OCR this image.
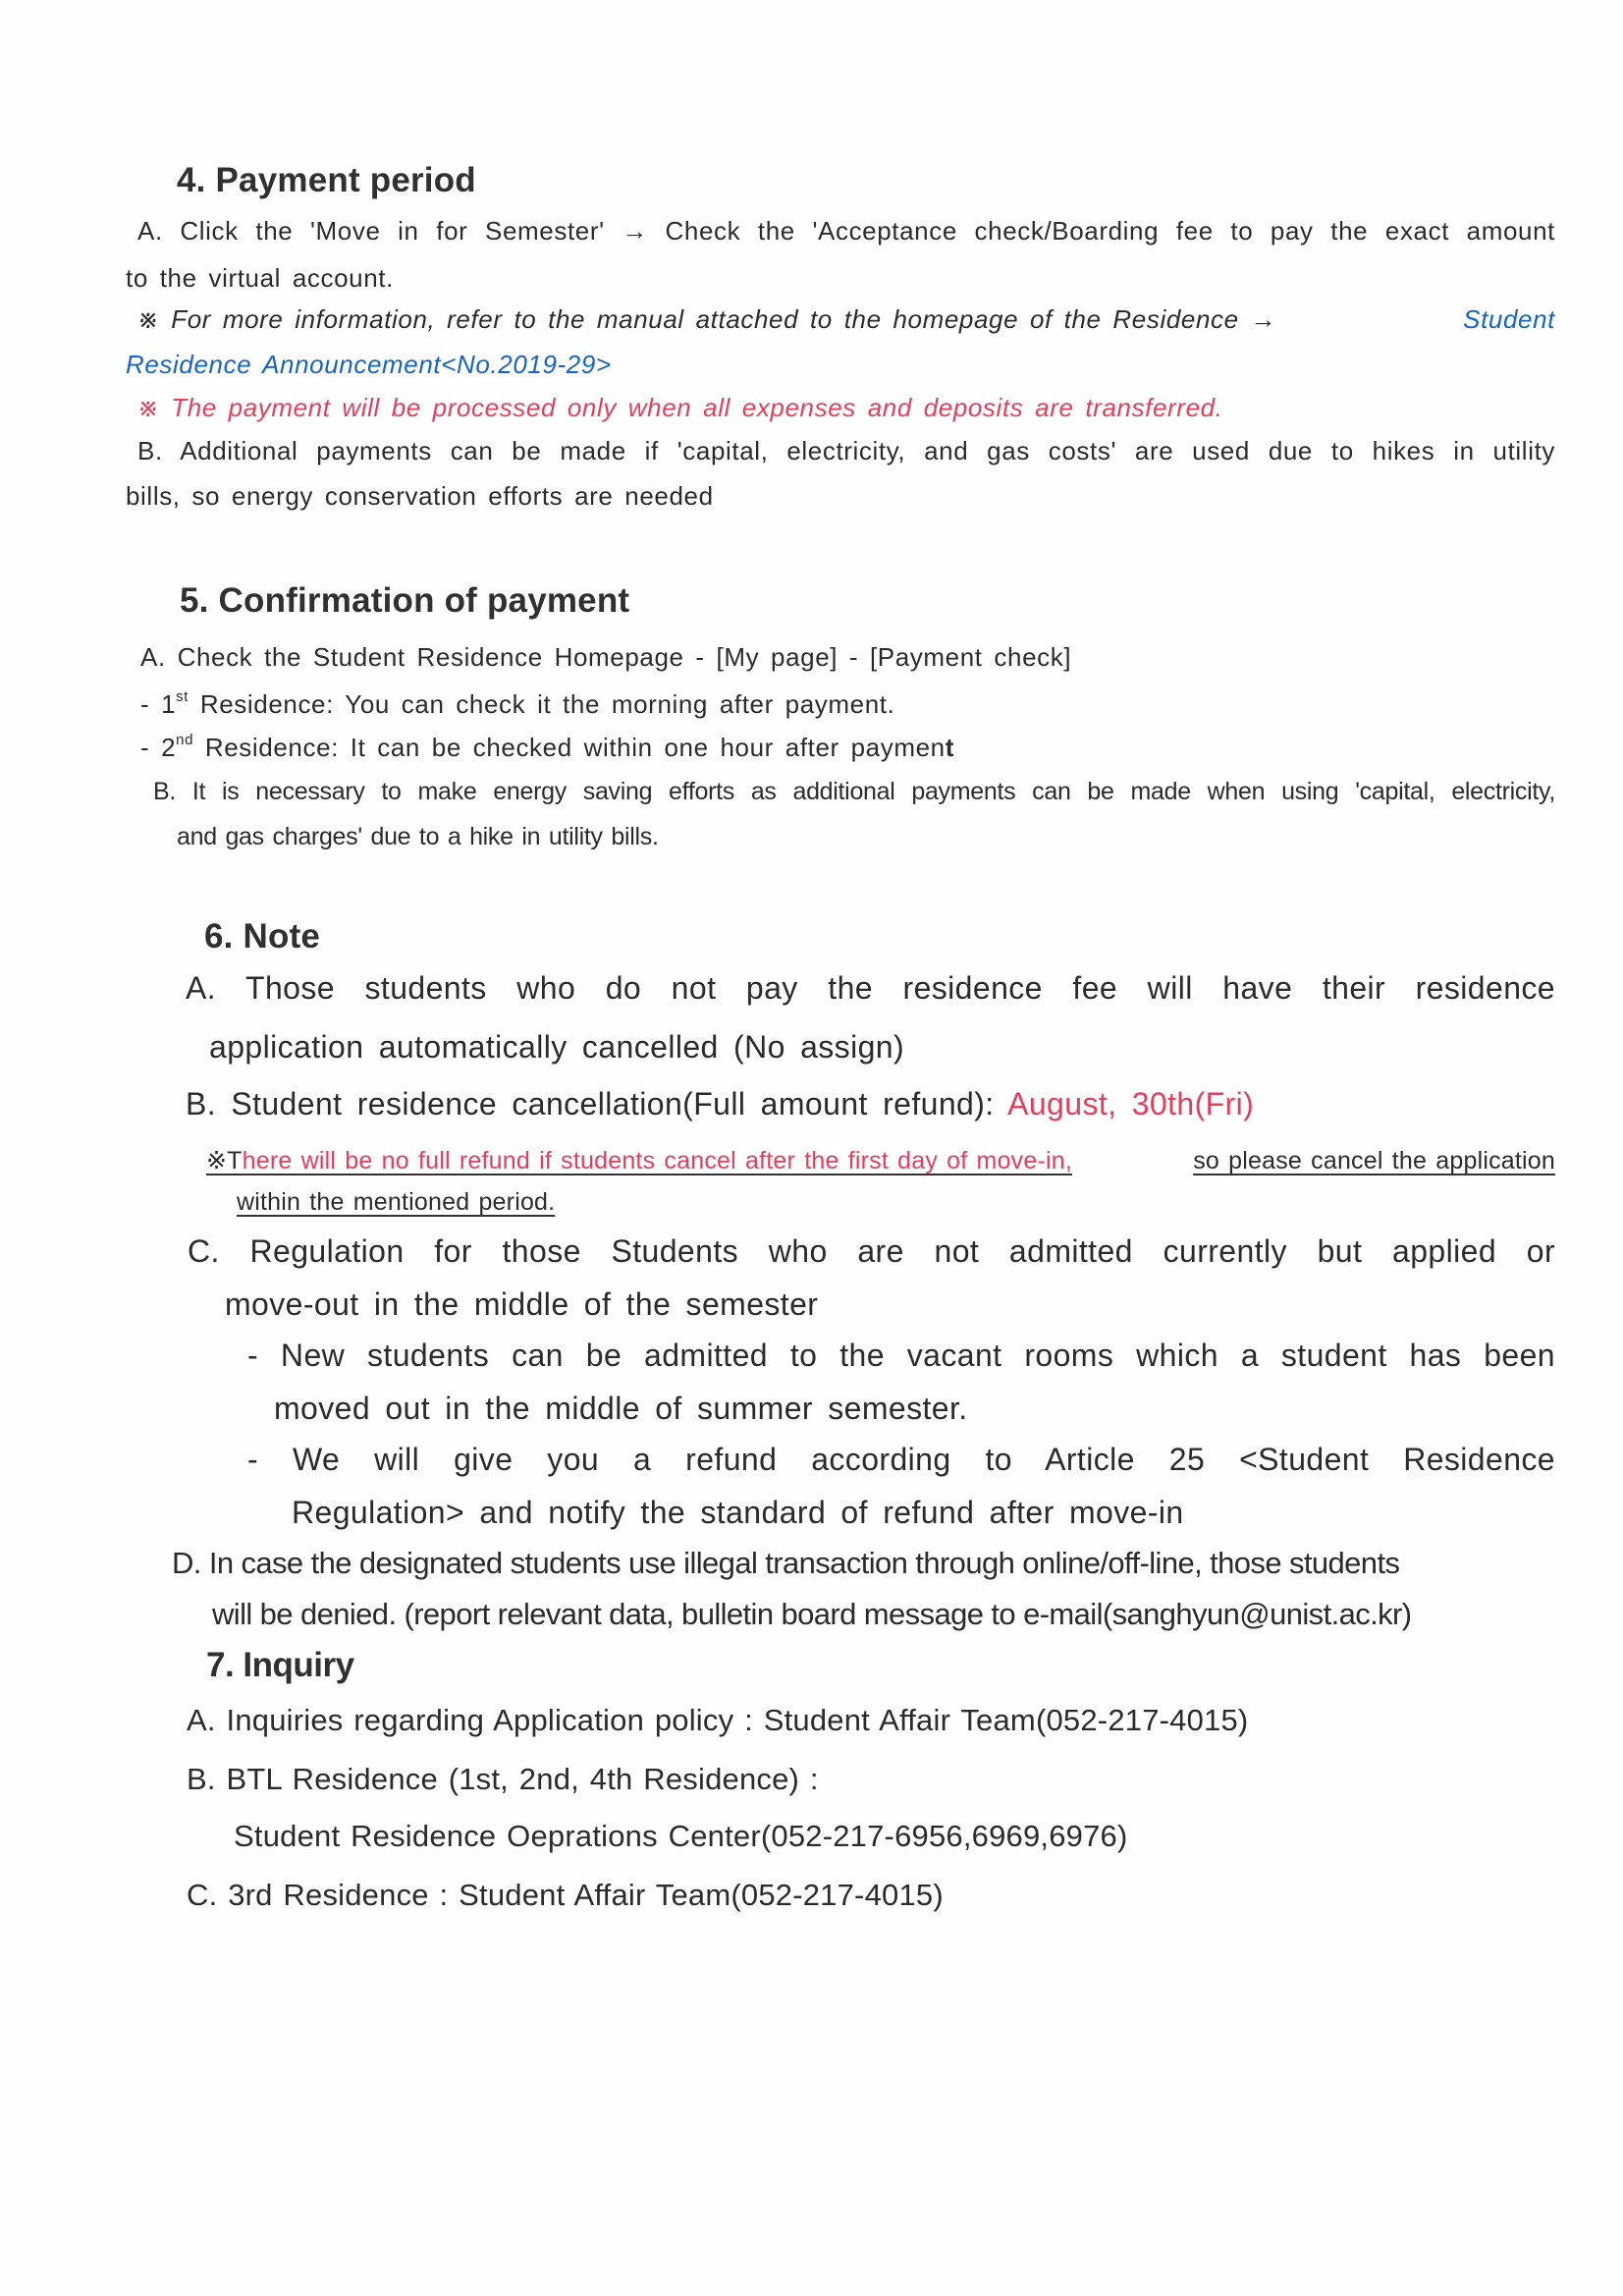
4. Payment period
A. Click the 'Move in for Semester' → Check the 'Acceptance check/Boarding fee to pay the exact amount
to the virtual account.
※ For more information, refer to the manual attached to the homepage of the Residence →	Student
Residence Announcement<No.2019-29>
※ The payment will be processed only when all expenses and deposits are transferred.
B. Additional payments can be made if 'capital, electricity, and gas costs' are used due to hikes in utility
bills, so energy conservation efforts are needed
5. Confirmation of payment
A. Check the Student Residence Homepage - [My page] - [Payment check]
- 1st Residence: You can check it the morning after payment.
- 2nd Residence: It can be checked within one hour after payment
B. It is necessary to make energy saving efforts as additional payments can be made when using 'capital, electricity,
and gas charges' due to a hike in utility bills.
6. Note
A. Those students who do not pay the residence fee will have their residence
application automatically cancelled (No assign)
B. Student residence cancellation(Full amount refund): August, 30th(Fri)
※T here will be no full refund if students cancel after the first day of move-in,	so please cancel the application
within the mentioned period.
C. Regulation for those Students who are not admitted currently but applied or
move-out in the middle of the semester
- New students can be admitted to the vacant rooms which a student has been
moved out in the middle of summer semester.
- We will give you a refund according to Article 25 <Student Residence
Regulation> and notify the standard of refund after move-in
D. In case the designated students use illegal transaction through online/off-line, those students
will be denied. (report relevant data, bulletin board message to e-mail(sanghyun@unist.ac.kr)
7. Inquiry
A. Inquiries regarding Application policy : Student Affair Team(052-217-4015)
B. BTL Residence (1st, 2nd, 4th Residence) :
Student Residence Oeprations Center(052-217-6956,6969,6976)
C. 3rd Residence : Student Affair Team(052-217-4015)
